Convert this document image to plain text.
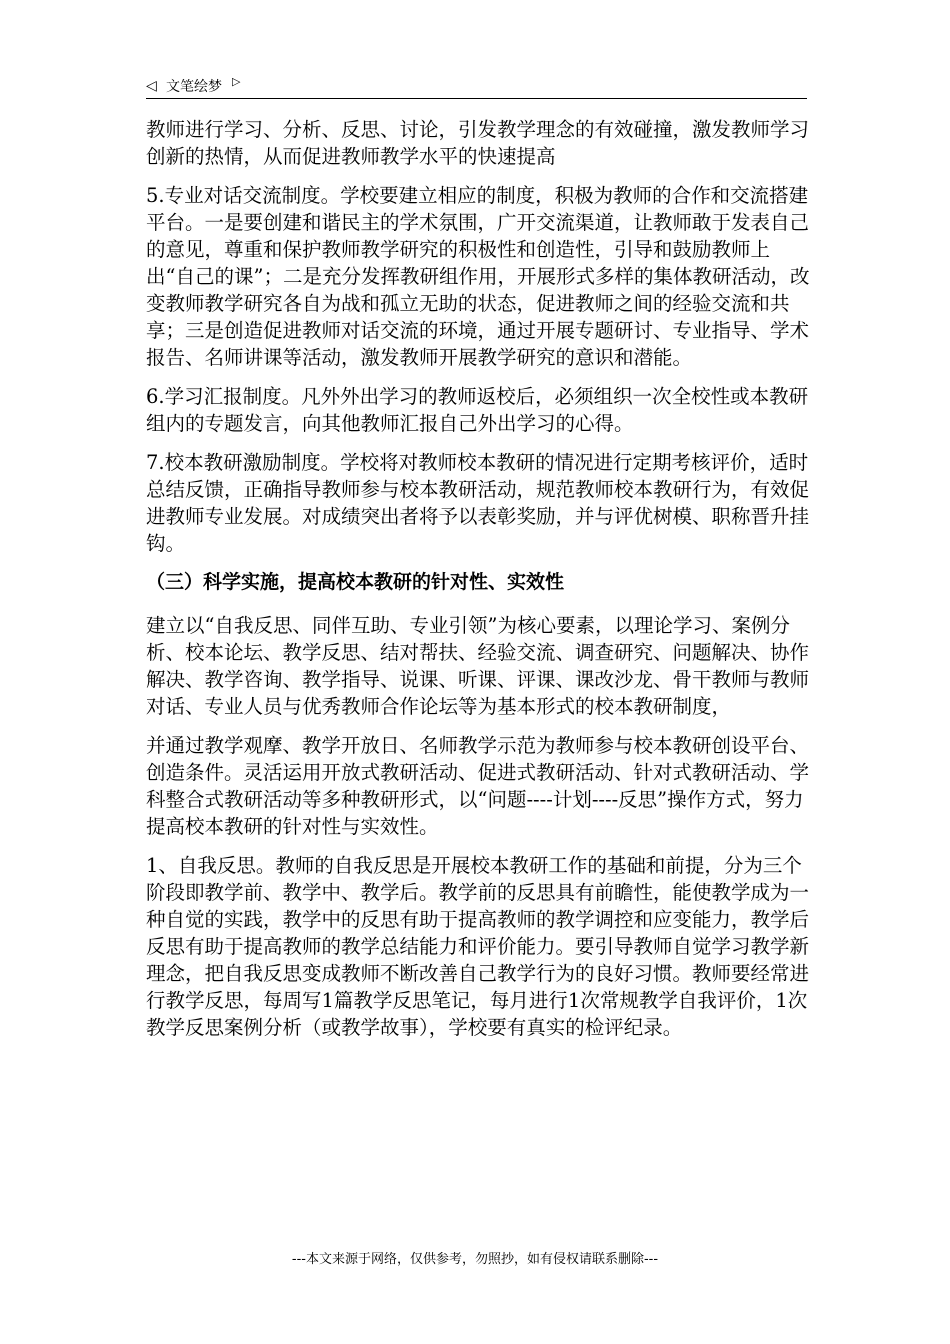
◁ 文笔绘梦 ▷

教师进行学习、分析、反思、讨论，引发教学理念的有效碰撞，激发教师学习创新的热情，从而促进教师教学水平的快速提高

5.专业对话交流制度。学校要建立相应的制度，积极为教师的合作和交流搭建平台。一是要创建和谐民主的学术氛围，广开交流渠道，让教师敢于发表自己的意见，尊重和保护教师教学研究的积极性和创造性，引导和鼓励教师上出“自己的课”；二是充分发挥教研组作用，开展形式多样的集体教研活动，改变教师教学研究各自为战和孤立无助的状态，促进教师之间的经验交流和共享；三是创造促进教师对话交流的环境，通过开展专题研讨、专业指导、学术报告、名师讲课等活动，激发教师开展教学研究的意识和潜能。

6.学习汇报制度。凡外外出学习的教师返校后，必须组织一次全校性或本教研组内的专题发言，向其他教师汇报自己外出学习的心得。

7.校本教研激励制度。学校将对教师校本教研的情况进行定期考核评价，适时总结反馈，正确指导教师参与校本教研活动，规范教师校本教研行为，有效促进教师专业发展。对成绩突出者将予以表彰奖励，并与评优树模、职称晋升挂钩。

（三）科学实施，提高校本教研的针对性、实效性

建立以“自我反思、同伴互助、专业引领”为核心要素，以理论学习、案例分析、校本论坛、教学反思、结对帮扶、经验交流、调查研究、问题解决、协作解决、教学咨询、教学指导、说课、听课、评课、课改沙龙、骨干教师与教师对话、专业人员与优秀教师合作论坛等为基本形式的校本教研制度，

并通过教学观摩、教学开放日、名师教学示范为教师参与校本教研创设平台、创造条件。灵活运用开放式教研活动、促进式教研活动、针对式教研活动、学科整合式教研活动等多种教研形式，以“问题----计划----反思”操作方式，努力提高校本教研的针对性与实效性。

1、自我反思。教师的自我反思是开展校本教研工作的基础和前提，分为三个阶段即教学前、教学中、教学后。教学前的反思具有前瞻性，能使教学成为一种自觉的实践，教学中的反思有助于提高教师的教学调控和应变能力，教学后反思有助于提高教师的教学总结能力和评价能力。要引导教师自觉学习教学新理念，把自我反思变成教师不断改善自己教学行为的良好习惯。教师要经常进行教学反思，每周写1篇教学反思笔记，每月进行1次常规教学自我评价，1次教学反思案例分析（或教学故事），学校要有真实的检评纪录。

---本文来源于网络，仅供参考，勿照抄，如有侵权请联系删除---
